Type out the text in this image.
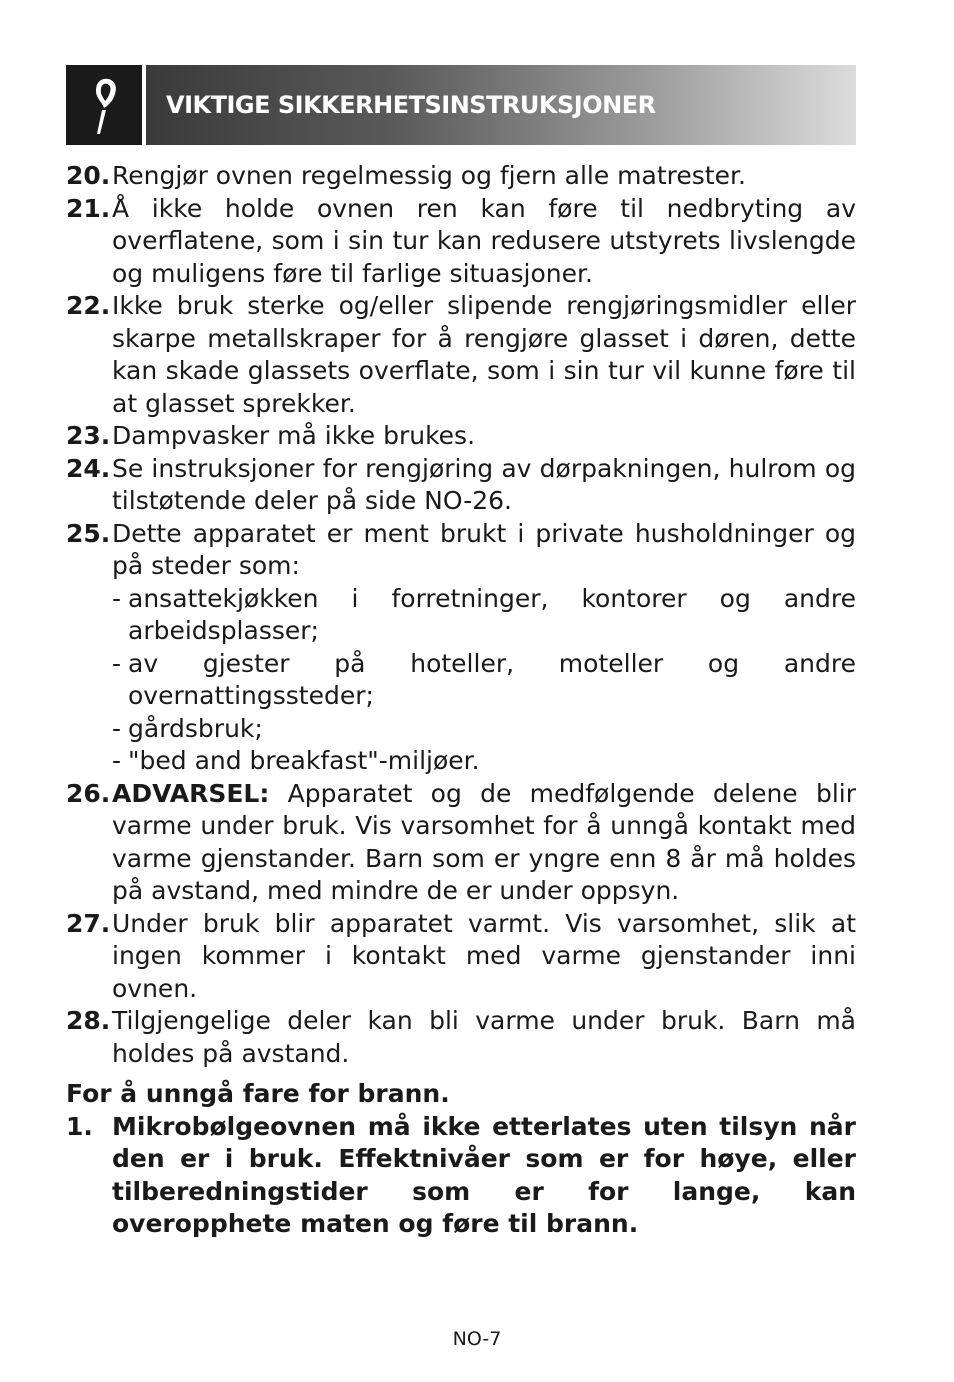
VIKTIGE SIKKERHETSINSTRUKSJONER
20. Rengjør ovnen regelmessig og fjern alle matrester.
21. Å ikke holde ovnen ren kan føre til nedbryting av overflatene, som i sin tur kan redusere utstyrets livslengde og muligens føre til farlige situasjoner.
22. Ikke bruk sterke og/eller slipende rengjøringsmidler eller skarpe metallskraper for å rengjøre glasset i døren, dette kan skade glassets overflate, som i sin tur vil kunne føre til at glasset sprekker.
23. Dampvasker må ikke brukes.
24. Se instruksjoner for rengjøring av dørpakningen, hulrom og tilstøtende deler på side NO-26.
25. Dette apparatet er ment brukt i private husholdninger og på steder som:
- ansattekjøkken i forretninger, kontorer og andre arbeidsplasser;
- av gjester på hoteller, moteller og andre overnattingssteder;
- gårdsbruk;
- "bed and breakfast"-miljøer.
26. ADVARSEL: Apparatet og de medfølgende delene blir varme under bruk. Vis varsomhet for å unngå kontakt med varme gjenstander. Barn som er yngre enn 8 år må holdes på avstand, med mindre de er under oppsyn.
27. Under bruk blir apparatet varmt. Vis varsomhet, slik at ingen kommer i kontakt med varme gjenstander inni ovnen.
28. Tilgjengelige deler kan bli varme under bruk. Barn må holdes på avstand.
For å unngå fare for brann.
1. Mikrobølgeovnen må ikke etterlates uten tilsyn når den er i bruk. Effektnivåer som er for høye, eller tilberedningstider som er for lange, kan overopphete maten og føre til brann.
NO-7
